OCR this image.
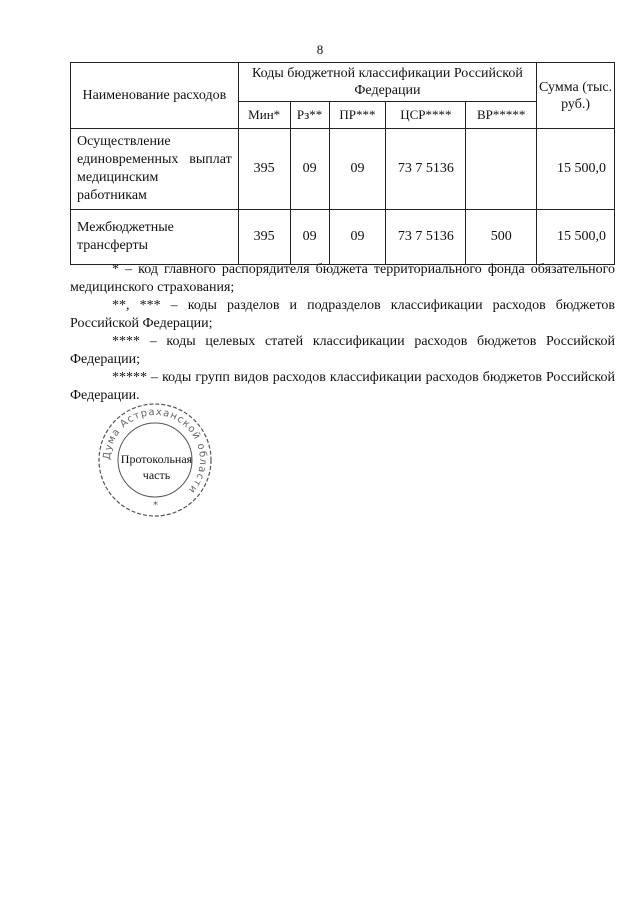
8
Наименование расходов	Коды бюджетной классификации Российской Федерации					Сумма (тыс. руб.)
	Мин*	Рз**	ПР***	ЦСР****	ВР*****	
Осуществление единовременных выплат медицинским работникам	395	09	09	73 7 5136		15 500,0
Межбюджетные трансферты	395	09	09	73 7 5136	500	15 500,0

* – код главного распорядителя бюджета территориального фонда обязательного медицинского страхования;

**, *** – коды разделов и подразделов классификации расходов бюджетов Российской Федерации;

**** – коды целевых статей классификации расходов бюджетов Российской Федерации;

***** – коды групп видов расходов классификации расходов бюджетов Российской Федерации.

Дума Астраханской области
*
Протокольная часть
